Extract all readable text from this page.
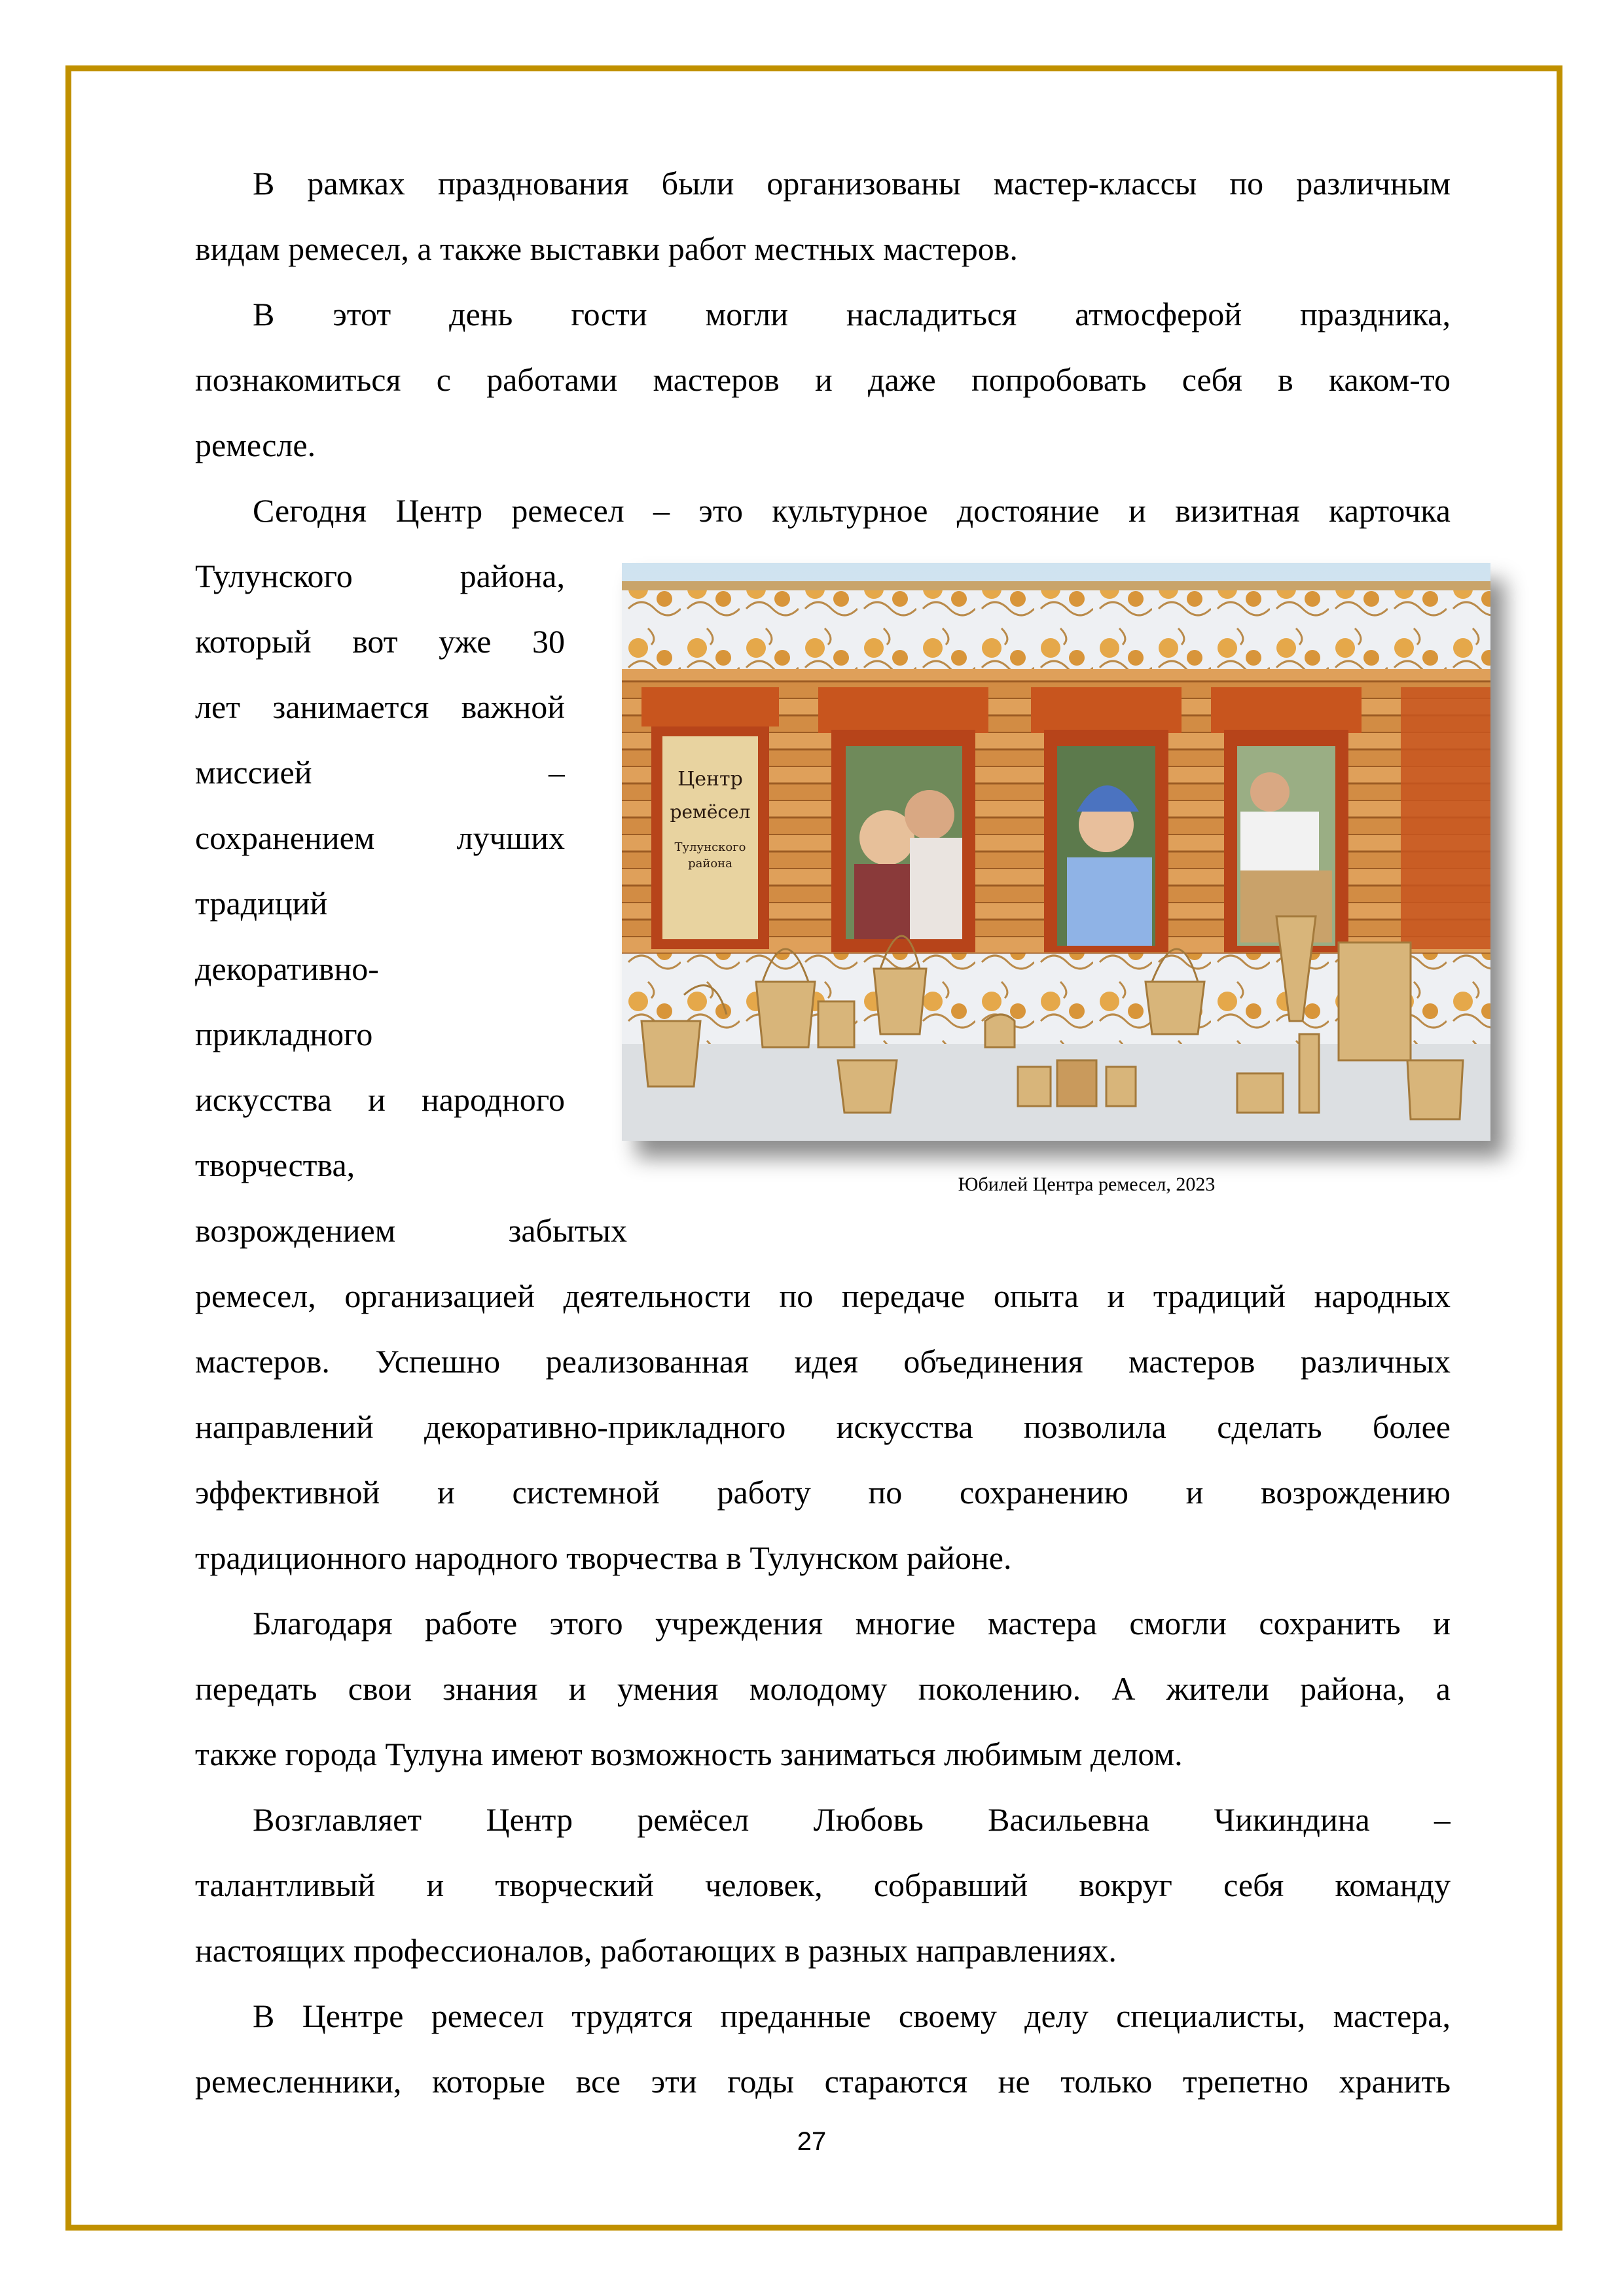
В рамках празднования были организованы мастер-классы по различным
видам ремесел, а также выставки работ местных мастеров.
В этот день гости могли насладиться атмосферой праздника,
познакомиться с работами мастеров и даже попробовать себя в каком-то
ремесле.
Сегодня Центр ремесел – это культурное достояние и визитная карточка
Тулунского района,
который вот уже 30
лет занимается важной
миссией –
сохранением лучших
традиций
декоративно-
прикладного
искусства и народного
творчества,
возрождением забытых
Центр
ремёсел
Тулунского
района
Юбилей Центра ремесел, 2023
ремесел, организацией деятельности по передаче опыта и традиций народных
мастеров. Успешно реализованная идея объединения мастеров различных
направлений декоративно-прикладного искусства позволила сделать более
эффективной и системной работу по сохранению и возрождению
традиционного народного творчества в Тулунском районе.
Благодаря работе этого учреждения многие мастера смогли сохранить и
передать свои знания и умения молодому поколению. А жители района, а
также города Тулуна имеют возможность заниматься любимым делом.
Возглавляет Центр ремёсел Любовь Васильевна Чикиндина –
талантливый и творческий человек, собравший вокруг себя команду
настоящих профессионалов, работающих в разных направлениях.
В Центре ремесел трудятся преданные своему делу специалисты, мастера,
ремесленники, которые все эти годы стараются не только трепетно хранить
27
